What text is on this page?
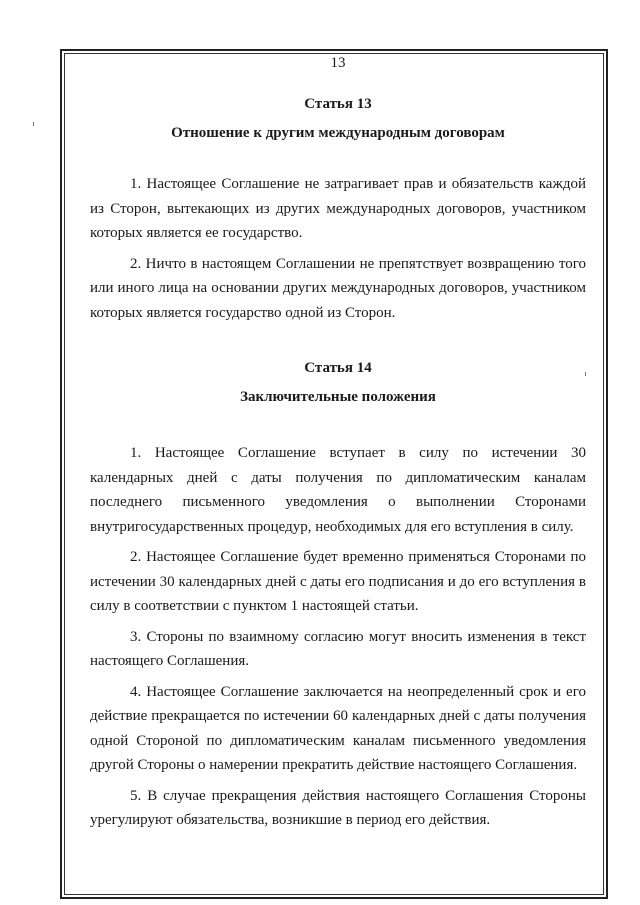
13

Статья 13

Отношение к другим международным договорам

1. Настоящее Соглашение не затрагивает прав и обязательств каждой из Сторон, вытекающих из других международных договоров, участником которых является ее государство.

2. Ничто в настоящем Соглашении не препятствует возвращению того или иного лица на основании других международных договоров, участником которых является государство одной из Сторон.

Статья 14

Заключительные положения

1. Настоящее Соглашение вступает в силу по истечении 30 календарных дней с даты получения по дипломатическим каналам последнего письменного уведомления о выполнении Сторонами внутригосударственных процедур, необходимых для его вступления в силу.

2. Настоящее Соглашение будет временно применяться Сторонами по истечении 30 календарных дней с даты его подписания и до его вступления в силу в соответствии с пунктом 1 настоящей статьи.

3. Стороны по взаимному согласию могут вносить изменения в текст настоящего Соглашения.

4. Настоящее Соглашение заключается на неопределенный срок и его действие прекращается по истечении 60 календарных дней с даты получения одной Стороной по дипломатическим каналам письменного уведомления другой Стороны о намерении прекратить действие настоящего Соглашения.

5. В случае прекращения действия настоящего Соглашения Стороны урегулируют обязательства, возникшие в период его действия.
